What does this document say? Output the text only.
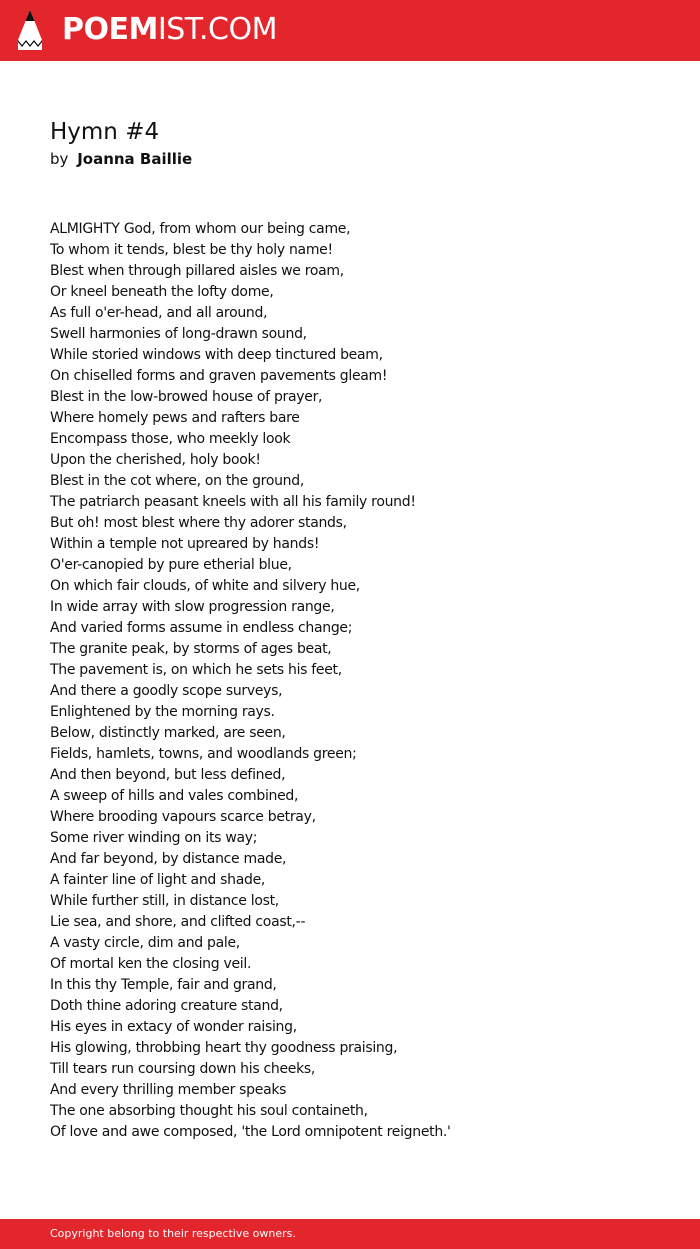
POEMIST.COM
Hymn #4
by Joanna Baillie
ALMIGHTY God, from whom our being came,
To whom it tends, blest be thy holy name!
Blest when through pillared aisles we roam,
Or kneel beneath the lofty dome,
As full o'er-head, and all around,
Swell harmonies of long-drawn sound,
While storied windows with deep tinctured beam,
On chiselled forms and graven pavements gleam!
Blest in the low-browed house of prayer,
Where homely pews and rafters bare
Encompass those, who meekly look
Upon the cherished, holy book!
Blest in the cot where, on the ground,
The patriarch peasant kneels with all his family round!
But oh! most blest where thy adorer stands,
Within a temple not upreared by hands!
O'er-canopied by pure etherial blue,
On which fair clouds, of white and silvery hue,
In wide array with slow progression range,
And varied forms assume in endless change;
The granite peak, by storms of ages beat,
The pavement is, on which he sets his feet,
And there a goodly scope surveys,
Enlightened by the morning rays.
Below, distinctly marked, are seen,
Fields, hamlets, towns, and woodlands green;
And then beyond, but less defined,
A sweep of hills and vales combined,
Where brooding vapours scarce betray,
Some river winding on its way;
And far beyond, by distance made,
A fainter line of light and shade,
While further still, in distance lost,
Lie sea, and shore, and clifted coast,--
A vasty circle, dim and pale,
Of mortal ken the closing veil.
In this thy Temple, fair and grand,
Doth thine adoring creature stand,
His eyes in extacy of wonder raising,
His glowing, throbbing heart thy goodness praising,
Till tears run coursing down his cheeks,
And every thrilling member speaks
The one absorbing thought his soul containeth,
Of love and awe composed, 'the Lord omnipotent reigneth.'
Copyright belong to their respective owners.
